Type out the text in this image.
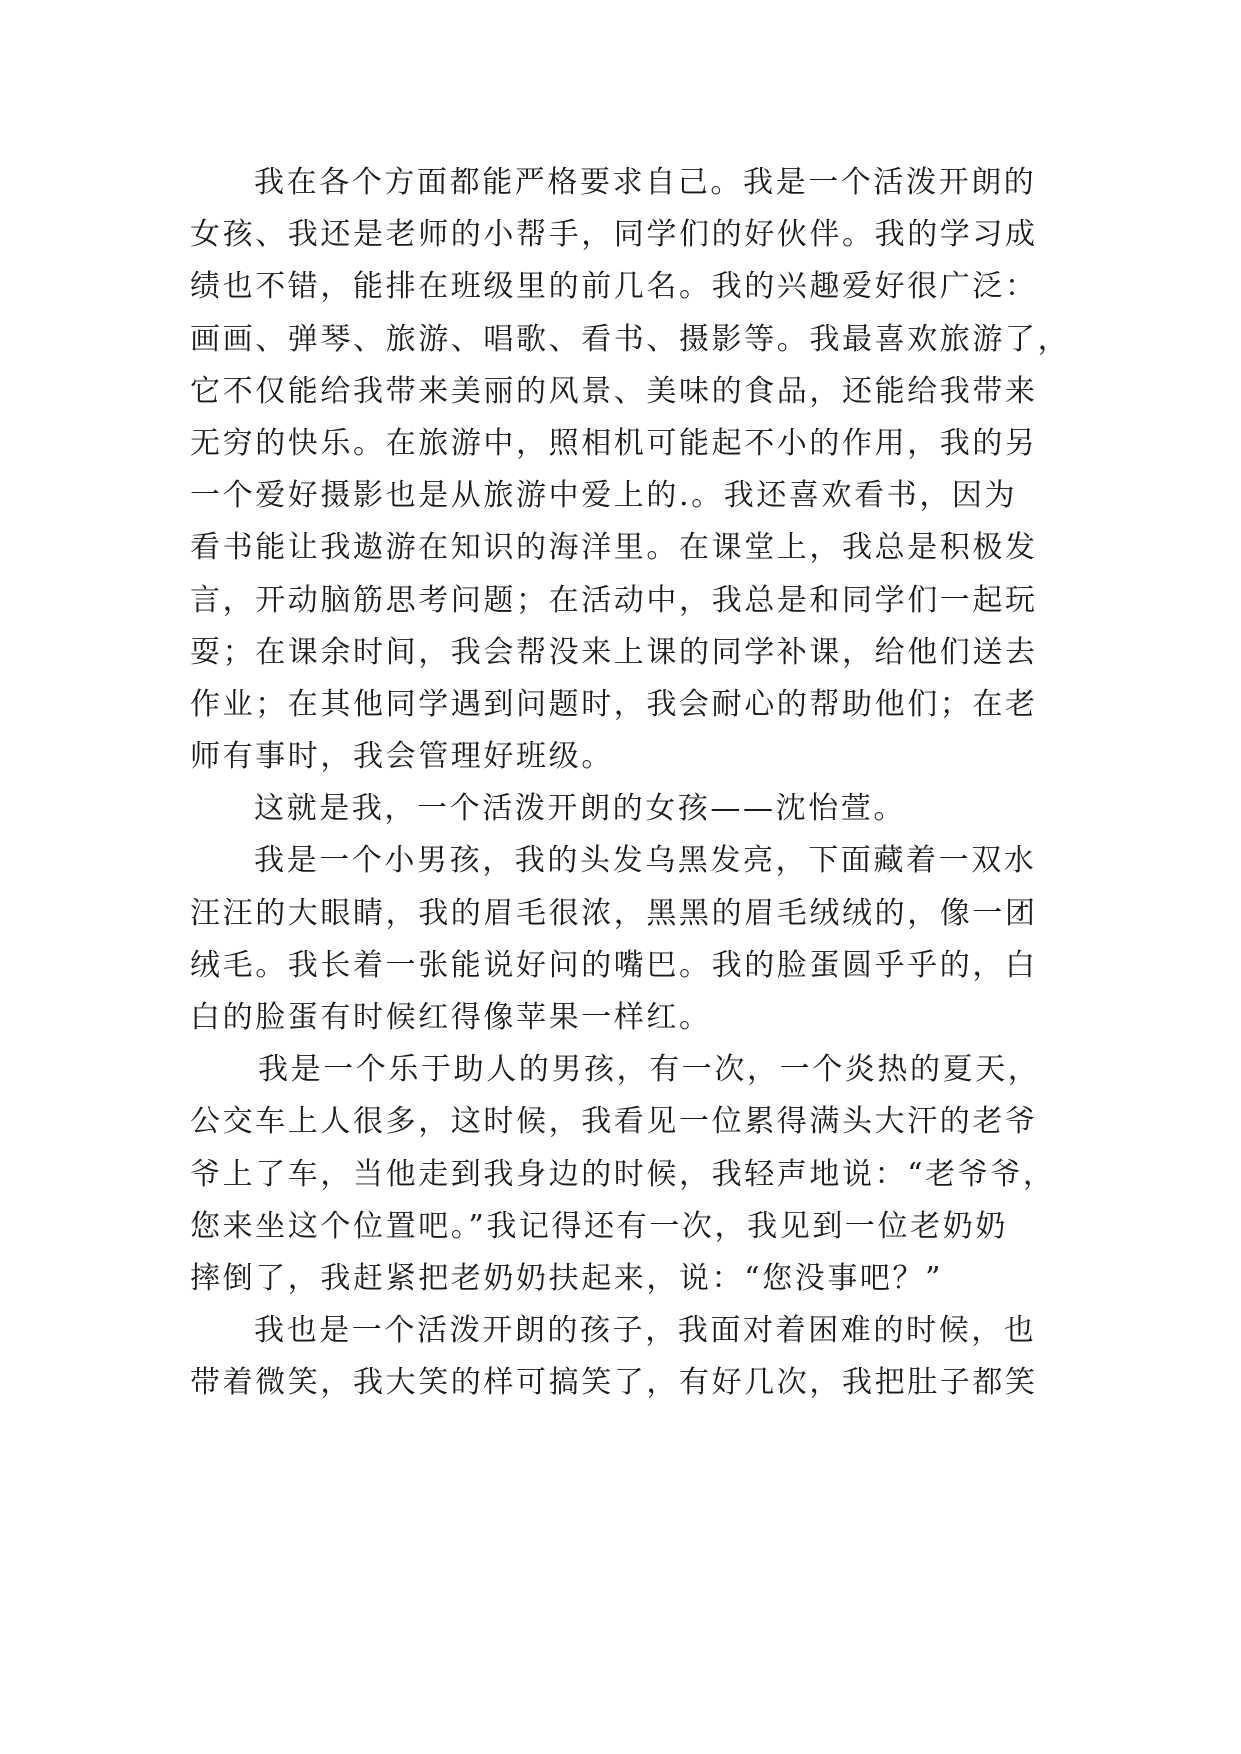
我在各个方面都能严格要求自己。我是一个活泼开朗的
女孩、我还是老师的小帮手，同学们的好伙伴。我的学习成
绩也不错，能排在班级里的前几名。我的兴趣爱好很广泛：
画画、弹琴、旅游、唱歌、看书、摄影等。我最喜欢旅游了，
它不仅能给我带来美丽的风景、美味的食品，还能给我带来
无穷的快乐。在旅游中，照相机可能起不小的作用，我的另
一个爱好摄影也是从旅游中爱上的.。我还喜欢看书，因为
看书能让我遨游在知识的海洋里。在课堂上，我总是积极发
言，开动脑筋思考问题；在活动中，我总是和同学们一起玩
耍；在课余时间，我会帮没来上课的同学补课，给他们送去
作业；在其他同学遇到问题时，我会耐心的帮助他们；在老
师有事时，我会管理好班级。
这就是我，一个活泼开朗的女孩——沈怡萱。
我是一个小男孩，我的头发乌黑发亮，下面藏着一双水
汪汪的大眼睛，我的眉毛很浓，黑黑的眉毛绒绒的，像一团
绒毛。我长着一张能说好问的嘴巴。我的脸蛋圆乎乎的，白
白的脸蛋有时候红得像苹果一样红。
我是一个乐于助人的男孩，有一次，一个炎热的夏天，
公交车上人很多，这时候，我看见一位累得满头大汗的老爷
爷上了车，当他走到我身边的时候，我轻声地说：“老爷爷，
您来坐这个位置吧。”我记得还有一次，我见到一位老奶奶
摔倒了，我赶紧把老奶奶扶起来，说：“您没事吧？”
我也是一个活泼开朗的孩子，我面对着困难的时候，也
带着微笑，我大笑的样可搞笑了，有好几次，我把肚子都笑
